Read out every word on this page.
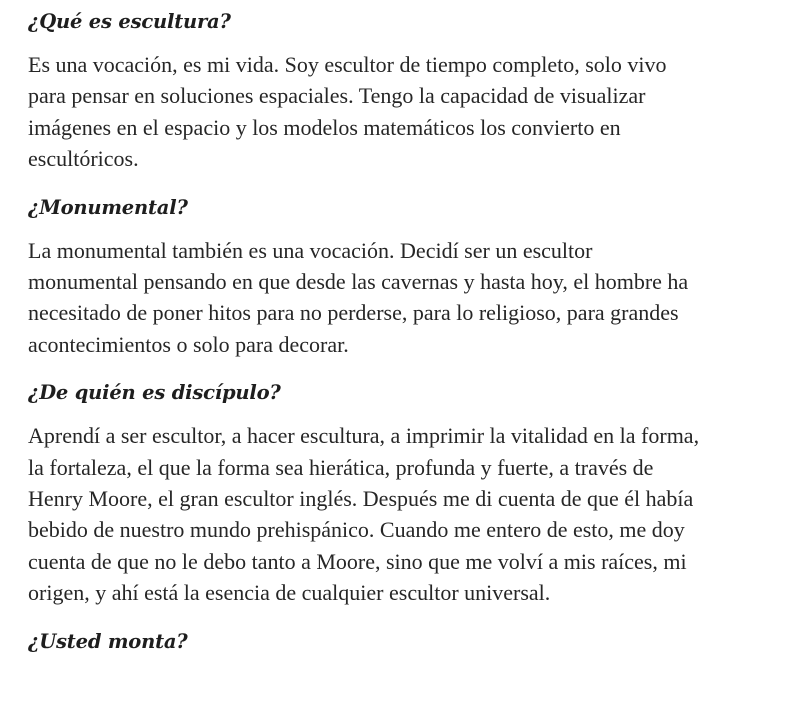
¿Qué es escultura?
Es una vocación, es mi vida. Soy escultor de tiempo completo, solo vivo
para pensar en soluciones espaciales. Tengo la capacidad de visualizar
imágenes en el espacio y los modelos matemáticos los convierto en
escultóricos.
¿Monumental?
La monumental también es una vocación. Decidí ser un escultor
monumental pensando en que desde las cavernas y hasta hoy, el hombre ha
necesitado de poner hitos para no perderse, para lo religioso, para grandes
acontecimientos o solo para decorar.
¿De quién es discípulo?
Aprendí a ser escultor, a hacer escultura, a imprimir la vitalidad en la forma,
la fortaleza, el que la forma sea hierática, profunda y fuerte, a través de
Henry Moore, el gran escultor inglés. Después me di cuenta de que él había
bebido de nuestro mundo prehispánico. Cuando me entero de esto, me doy
cuenta de que no le debo tanto a Moore, sino que me volví a mis raíces, mi
origen, y ahí está la esencia de cualquier escultor universal.
¿Usted monta?
